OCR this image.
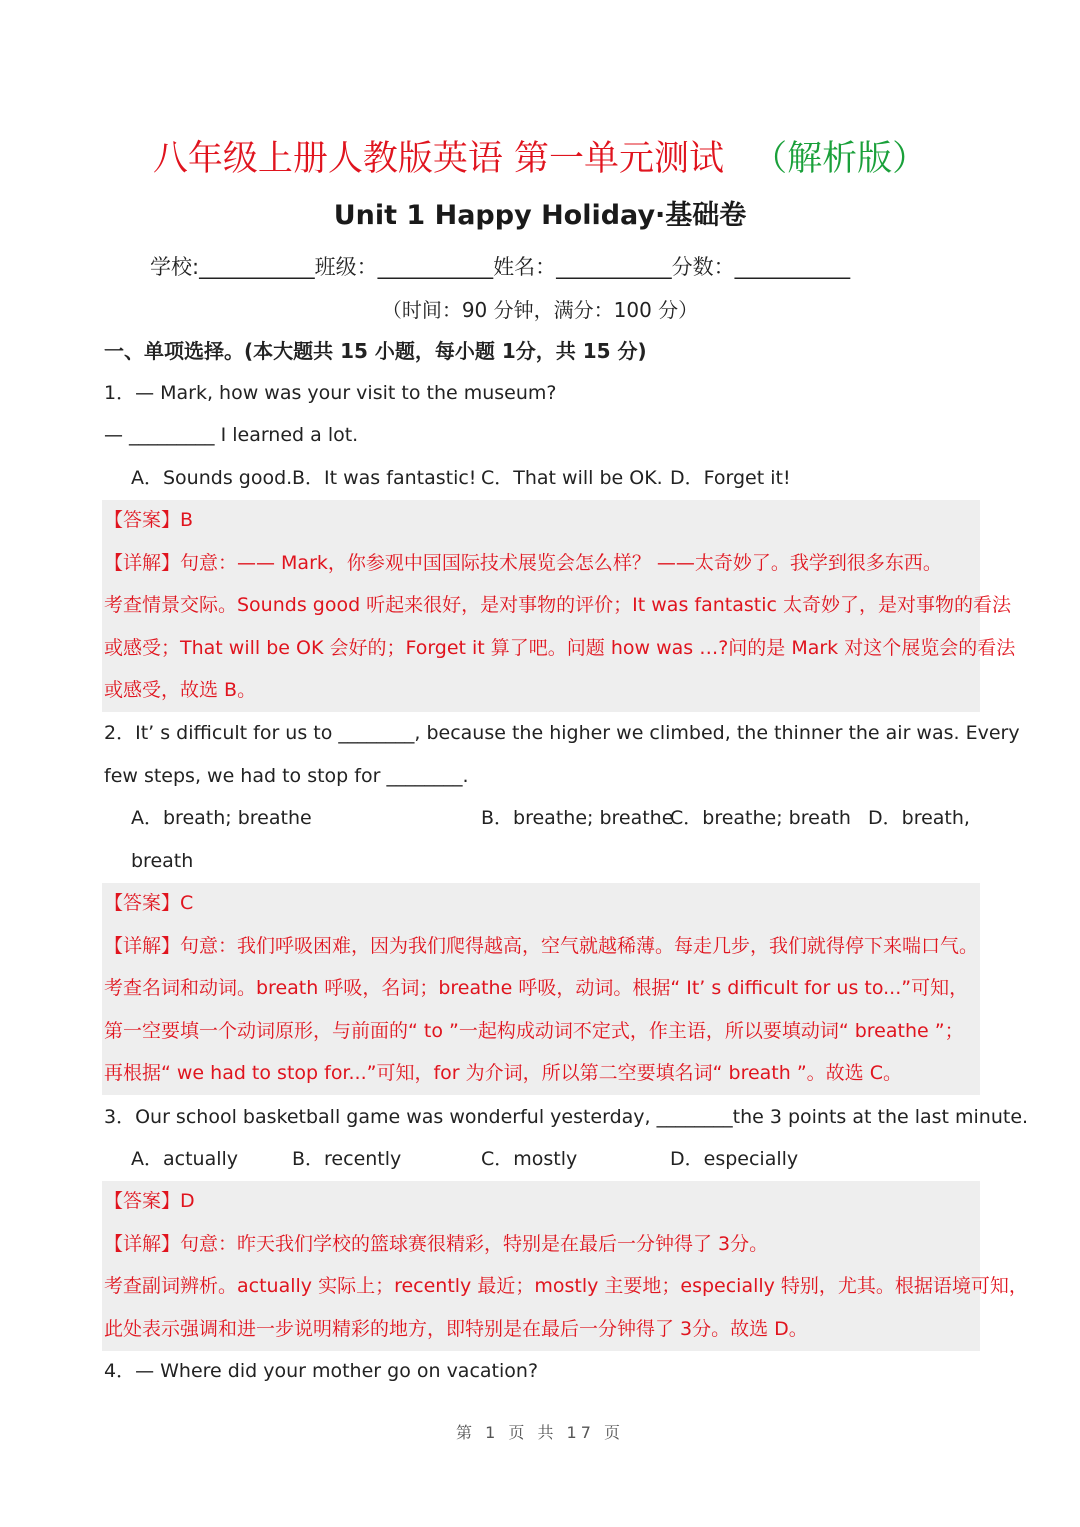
八年级上册人教版英语 第一单元测试 （解析版）
Unit 1 Happy Holiday·基础卷
学校:___________班级：___________姓名：___________分数：___________
（时间：90 分钟，满分：100 分）
一、单项选择。(本大题共 15 小题，每小题 1分，共 15 分)
1．— Mark, how was your visit to the museum?
— _________ I learned a lot.
A．Sounds good. B．It was fantastic! C．That will be OK. D．Forget it!
【答案】B
【详解】句意：—— Mark，你参观中国国际技术展览会怎么样？ ——太奇妙了。我学到很多东西。
考查情景交际。Sounds good 听起来很好，是对事物的评价；It was fantastic 太奇妙了，是对事物的看法
或感受；That will be OK 会好的；Forget it 算了吧。问题 how was …?问的是 Mark 对这个展览会的看法
或感受，故选 B。
2．It’ s difficult for us to ________, because the higher we climbed, the thinner the air was. Every
few steps, we had to stop for ________.
A．breath; breathe	B．breathe; breathe
C．breathe; breath D．breath,
breath
【答案】C
【详解】句意：我们呼吸困难，因为我们爬得越高，空气就越稀薄。每走几步，我们就得停下来喘口气。
考查名词和动词。breath 呼吸，名词；breathe 呼吸，动词。根据“ It’ s difficult for us to...”可知，
第一空要填一个动词原形，与前面的“ to ”一起构成动词不定式，作主语，所以要填动词“ breathe ”；
再根据“ we had to stop for...”可知，for 为介词，所以第二空要填名词“ breath ”。故选 C。
3．Our school basketball game was wonderful yesterday, ________the 3 points at the last minute.
A．actually	B．recently	C．mostly	D．especially
【答案】D
【详解】句意：昨天我们学校的篮球赛很精彩，特别是在最后一分钟得了 3分。
考查副词辨析。actually 实际上；recently 最近；mostly 主要地；especially 特别，尤其。根据语境可知，
此处表示强调和进一步说明精彩的地方，即特别是在最后一分钟得了 3分。故选 D。
4．— Where did your mother go on vacation?
第 1 页 共 17 页
